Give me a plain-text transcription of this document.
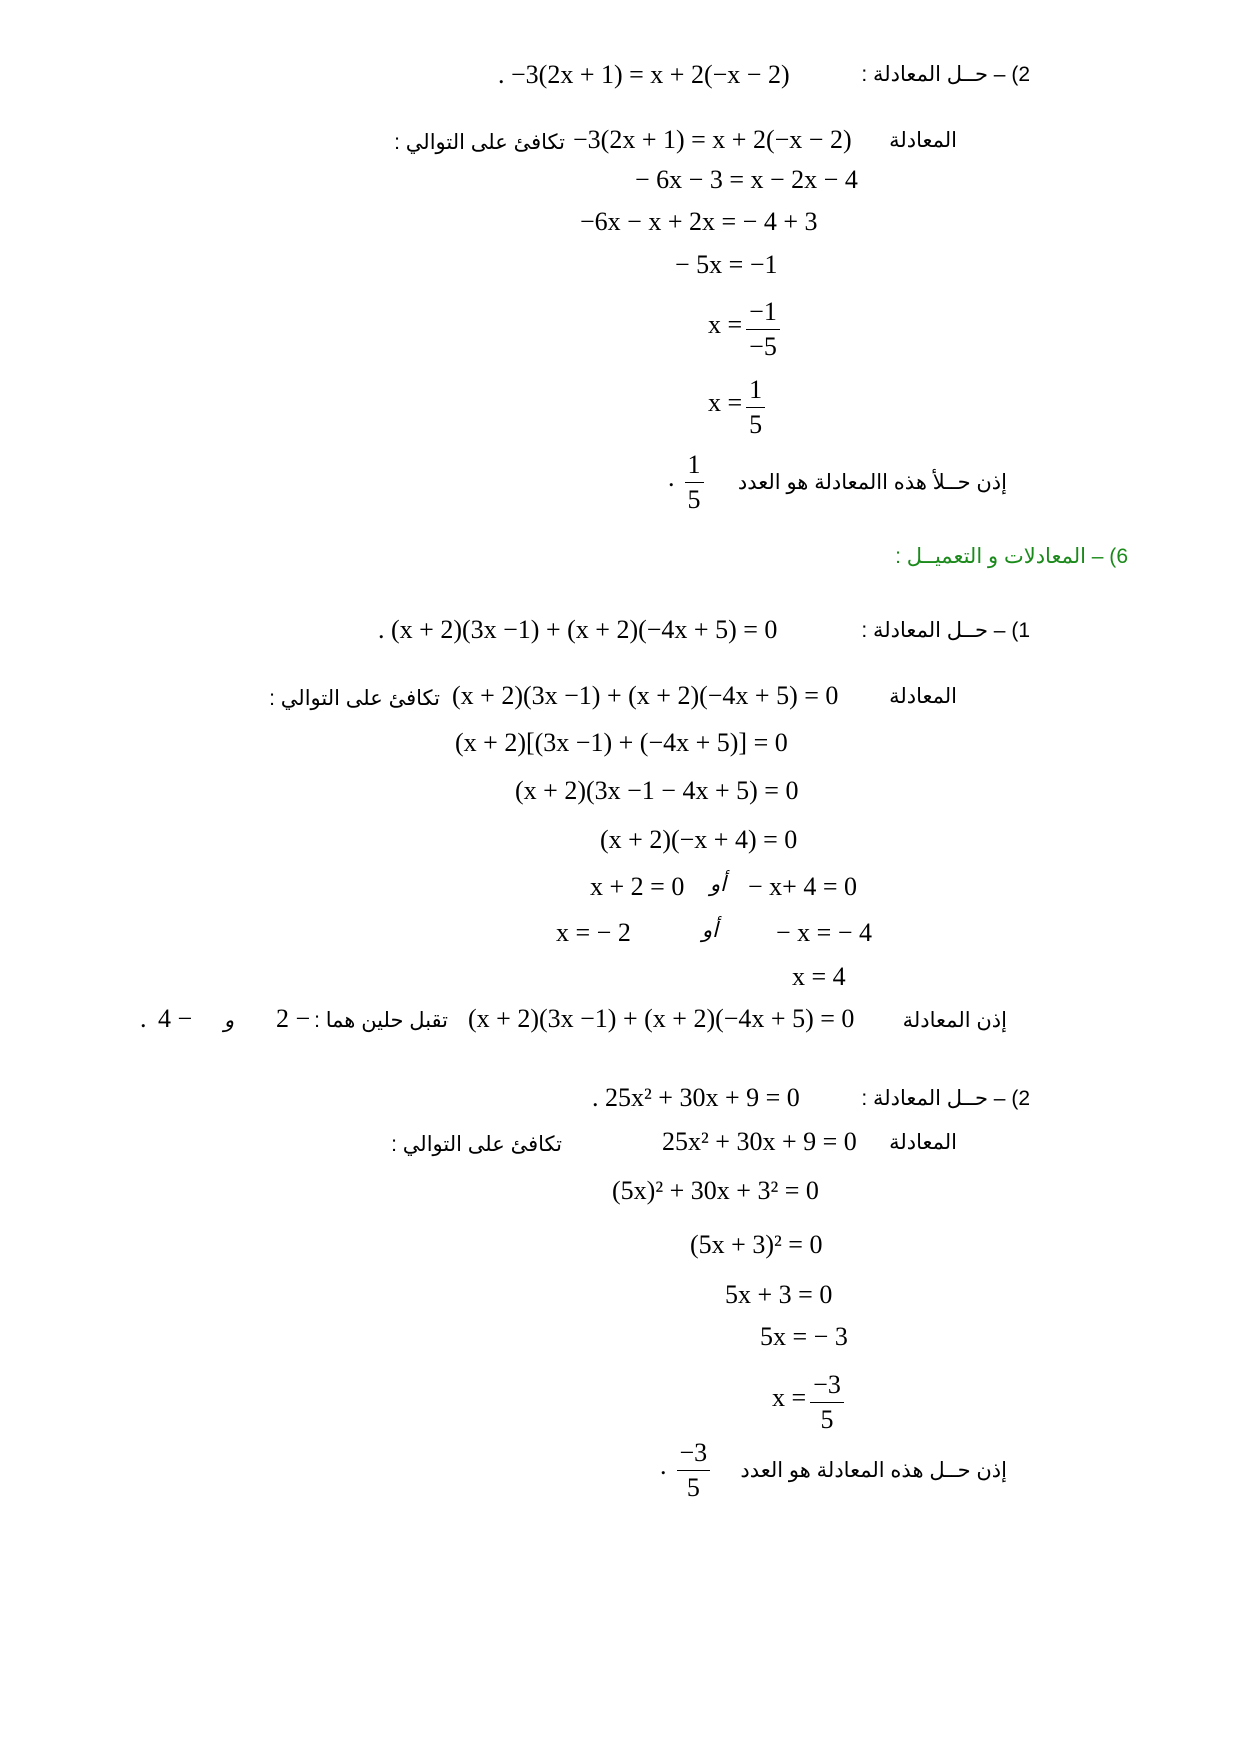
2) – حــل المعادلة :
. −3(2x + 1) = x + 2(−x − 2)
المعادلة
−3(2x + 1) = x + 2(−x − 2)
تكافئ على التوالي :
− 6x − 3 = x − 2x − 4
−6x − x + 2x = − 4 + 3
− 5x = −1
$x = \frac{-1}{-5}$
$x = \frac{1}{5}$
إذن حــلأ هذه االمعادلة هو العدد
. $\frac{1}{5}$
6) – المعادلات و التعميــل :
1) – حــل المعادلة :
. (x + 2)(3x −1) + (x + 2)(−4x + 5) = 0
المعادلة
(x + 2)(3x −1) + (x + 2)(−4x + 5) = 0
تكافئ على التوالي :
(x + 2)[(3x −1) + (−4x + 5)] = 0
(x + 2)(3x −1 − 4x + 5) = 0
(x + 2)(−x + 4) = 0
x + 2 = 0 أو − x+ 4 = 0
x = − 2	أو − x = − 4
x = 4
إذن المعادلة
(x + 2)(3x −1) + (x + 2)(−4x + 5) = 0
تقبل حلين هما :
2 −
و
4 −
.
2) – حــل المعادلة :
. 25x² + 30x + 9 = 0
المعادلة
25x² + 30x + 9 = 0
تكافئ على التوالي :
(5x)² + 30x + 3² = 0
(5x + 3)² = 0
5x + 3 = 0
5x = − 3
$x = \frac{-3}{5}$
إذن حــل هذه المعادلة هو العدد
. $\frac{-3}{5}$
